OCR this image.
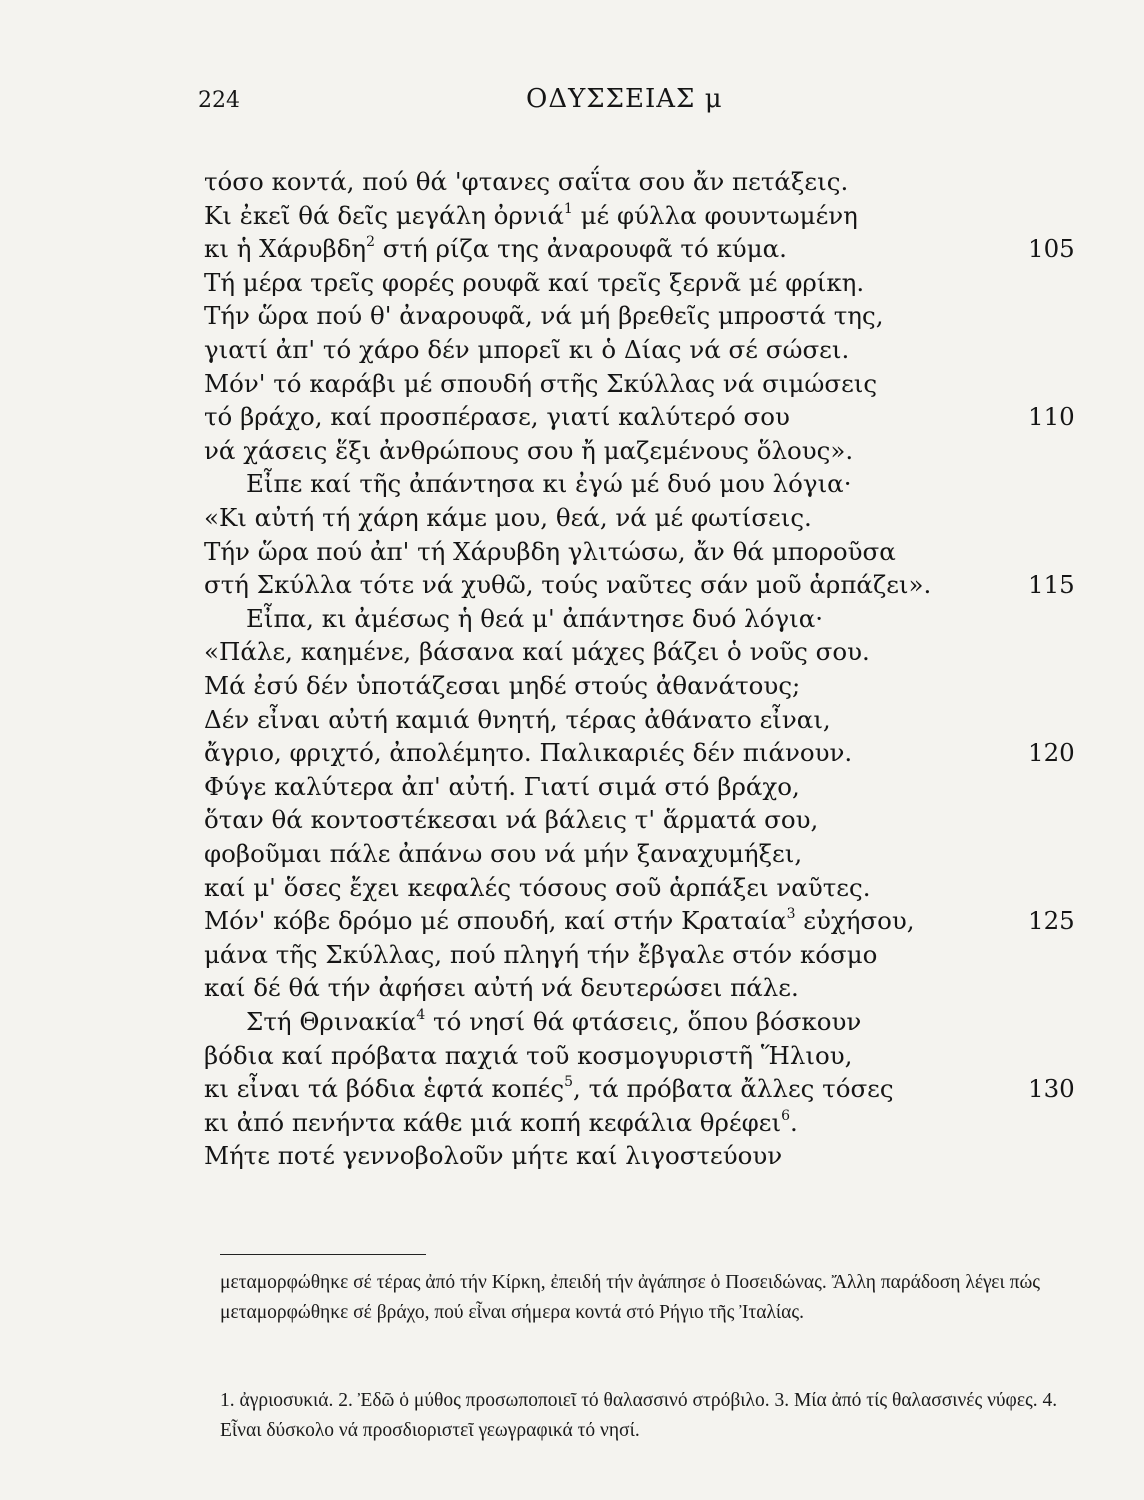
224	ΟΔΥΣΣΕΙΑΣ μ
τόσο κοντά, πού θά 'φτανες σαΐτα σου ἄν πετάξεις.
Κι ἐκεῖ θά δεῖς μεγάλη ὀρνιά$^1$ μέ φύλλα φουντωμένη
κι ἡ Χάρυβδη$^2$ στή ρίζα της ἀναρουφᾶ τό κύμα.	105
Τή μέρα τρεῖς φορές ρουφᾶ καί τρεῖς ξερνᾶ μέ φρίκη.
Τήν ὥρα πού θ' ἀναρουφᾶ, νά μή βρεθεῖς μπροστά της,
γιατί ἀπ' τό χάρο δέν μπορεῖ κι ὁ Δίας νά σέ σώσει.
Μόν' τό καράβι μέ σπουδή στῆς Σκύλλας νά σιμώσεις
τό βράχο, καί προσπέρασε, γιατί καλύτερό σου	110
νά χάσεις ἕξι ἀνθρώπους σου ἤ μαζεμένους ὅλους».
Εἶπε καί τῆς ἀπάντησα κι ἐγώ μέ δυό μου λόγια·
«Κι αὐτή τή χάρη κάμε μου, θεά, νά μέ φωτίσεις.
Τήν ὥρα πού ἀπ' τή Χάρυβδη γλιτώσω, ἄν θά μποροῦσα
στή Σκύλλα τότε νά χυθῶ, τούς ναῦτες σάν μοῦ ἁρπάζει».	115
Εἶπα, κι ἀμέσως ἡ θεά μ' ἀπάντησε δυό λόγια·
«Πάλε, καημένε, βάσανα καί μάχες βάζει ὁ νοῦς σου.
Μά ἐσύ δέν ὑποτάζεσαι μηδέ στούς ἀθανάτους;
Δέν εἶναι αὐτή καμιά θνητή, τέρας ἀθάνατο εἶναι,
ἄγριο, φριχτό, ἀπολέμητο. Παλικαριές δέν πιάνουν.	120
Φύγε καλύτερα ἀπ' αὐτή. Γιατί σιμά στό βράχο,
ὅταν θά κοντοστέκεσαι νά βάλεις τ' ἅρματά σου,
φοβοῦμαι πάλε ἀπάνω σου νά μήν ξαναχυμήξει,
καί μ' ὅσες ἔχει κεφαλές τόσους σοῦ ἁρπάξει ναῦτες.
Μόν' κόβε δρόμο μέ σπουδή, καί στήν Κραταία$^3$ εὐχήσου,	125
μάνα τῆς Σκύλλας, πού πληγή τήν ἔβγαλε στόν κόσμο
καί δέ θά τήν ἀφήσει αὐτή νά δευτερώσει πάλε.
Στή Θρινακία$^4$ τό νησί θά φτάσεις, ὅπου βόσκουν
βόδια καί πρόβατα παχιά τοῦ κοσμογυριστῆ Ἥλιου,
κι εἶναι τά βόδια ἑφτά κοπές$^5$, τά πρόβατα ἄλλες τόσες	130
κι ἀπό πενήντα κάθε μιά κοπή κεφάλια θρέφει$^6$.
Μήτε ποτέ γεννοβολοῦν μήτε καί λιγοστεύουν
μεταμορφώθηκε σέ τέρας ἀπό τήν Κίρκη, ἐπειδή τήν ἀγάπησε ὁ Ποσειδώνας. Ἄλλη παράδοση λέγει πώς μεταμορφώθηκε σέ βράχο, πού εἶναι σήμερα κοντά στό Ρήγιο τῆς Ἰταλίας.
1. ἀγριοσυκιά. 2. Ἐδῶ ὁ μύθος προσωποποιεῖ τό θαλασσινό στρόβιλο. 3. Μία ἀπό τίς θαλασσινές νύφες. 4. Εἶναι δύσκολο νά προσδιοριστεῖ γεωγραφικά τό νησί.
